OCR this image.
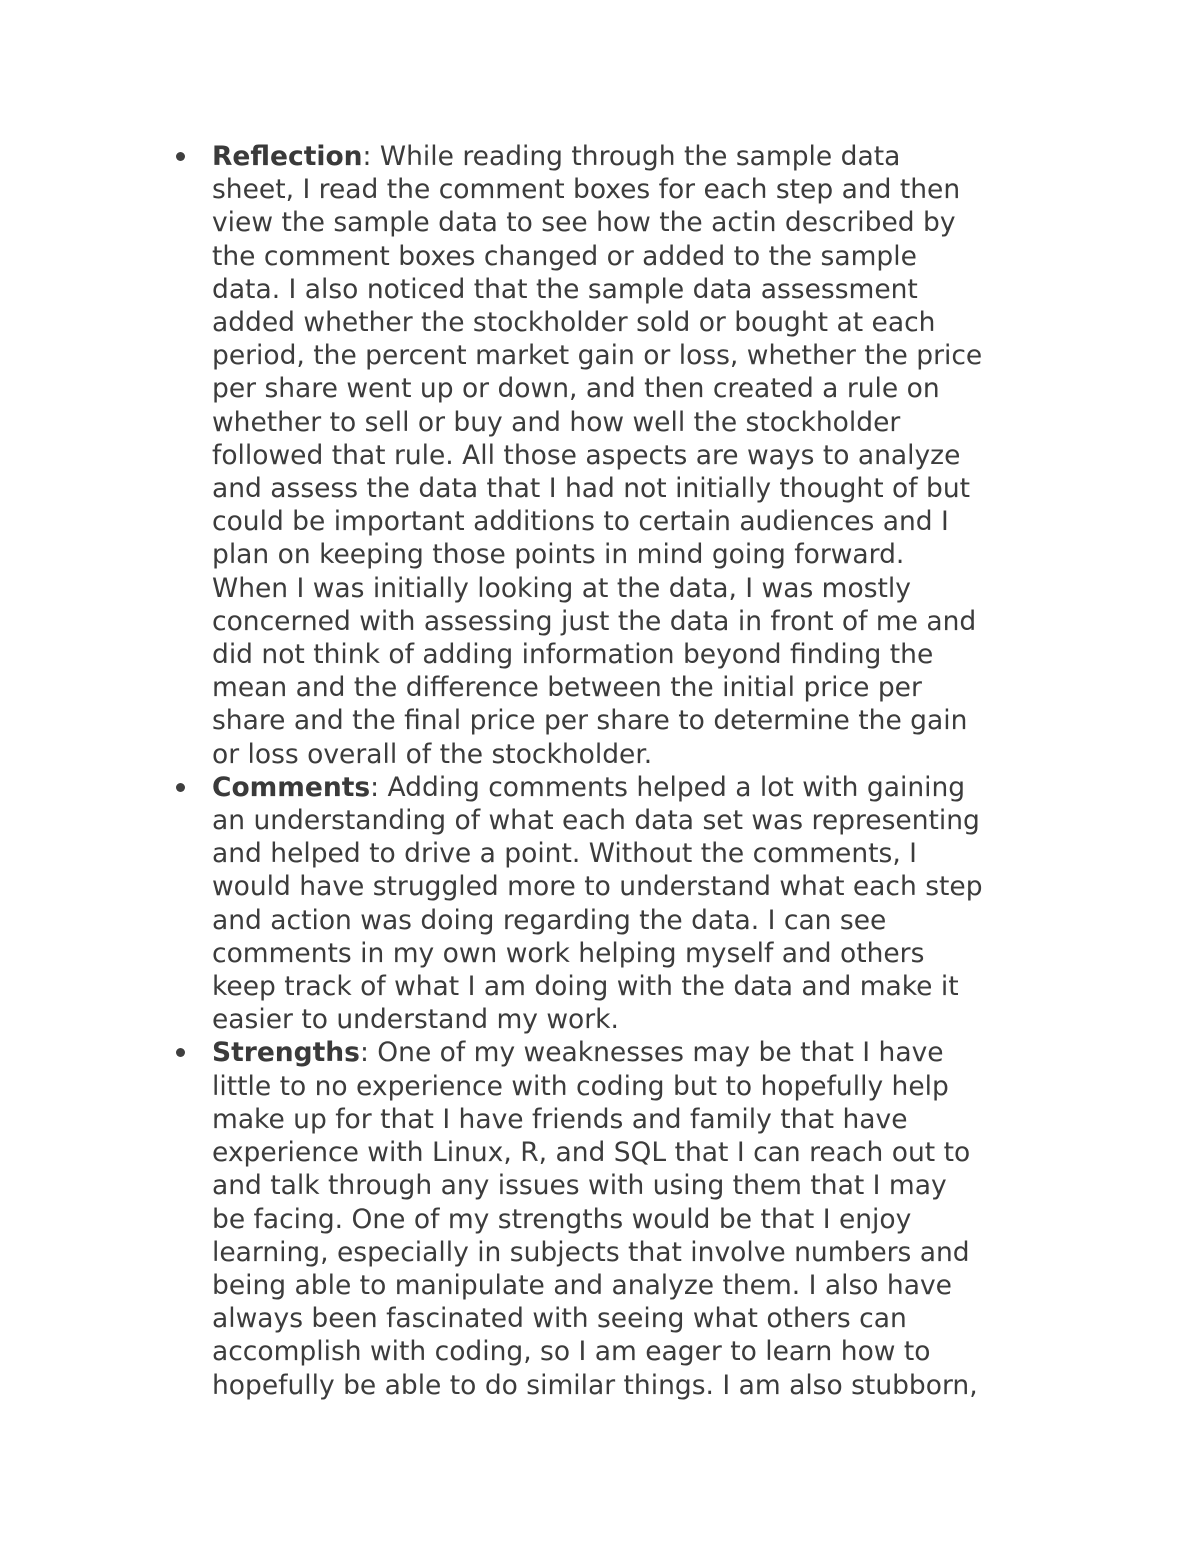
Reflection: While reading through the sample data
sheet, I read the comment boxes for each step and then
view the sample data to see how the actin described by
the comment boxes changed or added to the sample
data. I also noticed that the sample data assessment
added whether the stockholder sold or bought at each
period, the percent market gain or loss, whether the price
per share went up or down, and then created a rule on
whether to sell or buy and how well the stockholder
followed that rule. All those aspects are ways to analyze
and assess the data that I had not initially thought of but
could be important additions to certain audiences and I
plan on keeping those points in mind going forward.
When I was initially looking at the data, I was mostly
concerned with assessing just the data in front of me and
did not think of adding information beyond finding the
mean and the difference between the initial price per
share and the final price per share to determine the gain
or loss overall of the stockholder.

Comments: Adding comments helped a lot with gaining
an understanding of what each data set was representing
and helped to drive a point. Without the comments, I
would have struggled more to understand what each step
and action was doing regarding the data. I can see
comments in my own work helping myself and others
keep track of what I am doing with the data and make it
easier to understand my work.

Strengths: One of my weaknesses may be that I have
little to no experience with coding but to hopefully help
make up for that I have friends and family that have
experience with Linux, R, and SQL that I can reach out to
and talk through any issues with using them that I may
be facing. One of my strengths would be that I enjoy
learning, especially in subjects that involve numbers and
being able to manipulate and analyze them. I also have
always been fascinated with seeing what others can
accomplish with coding, so I am eager to learn how to
hopefully be able to do similar things. I am also stubborn,
